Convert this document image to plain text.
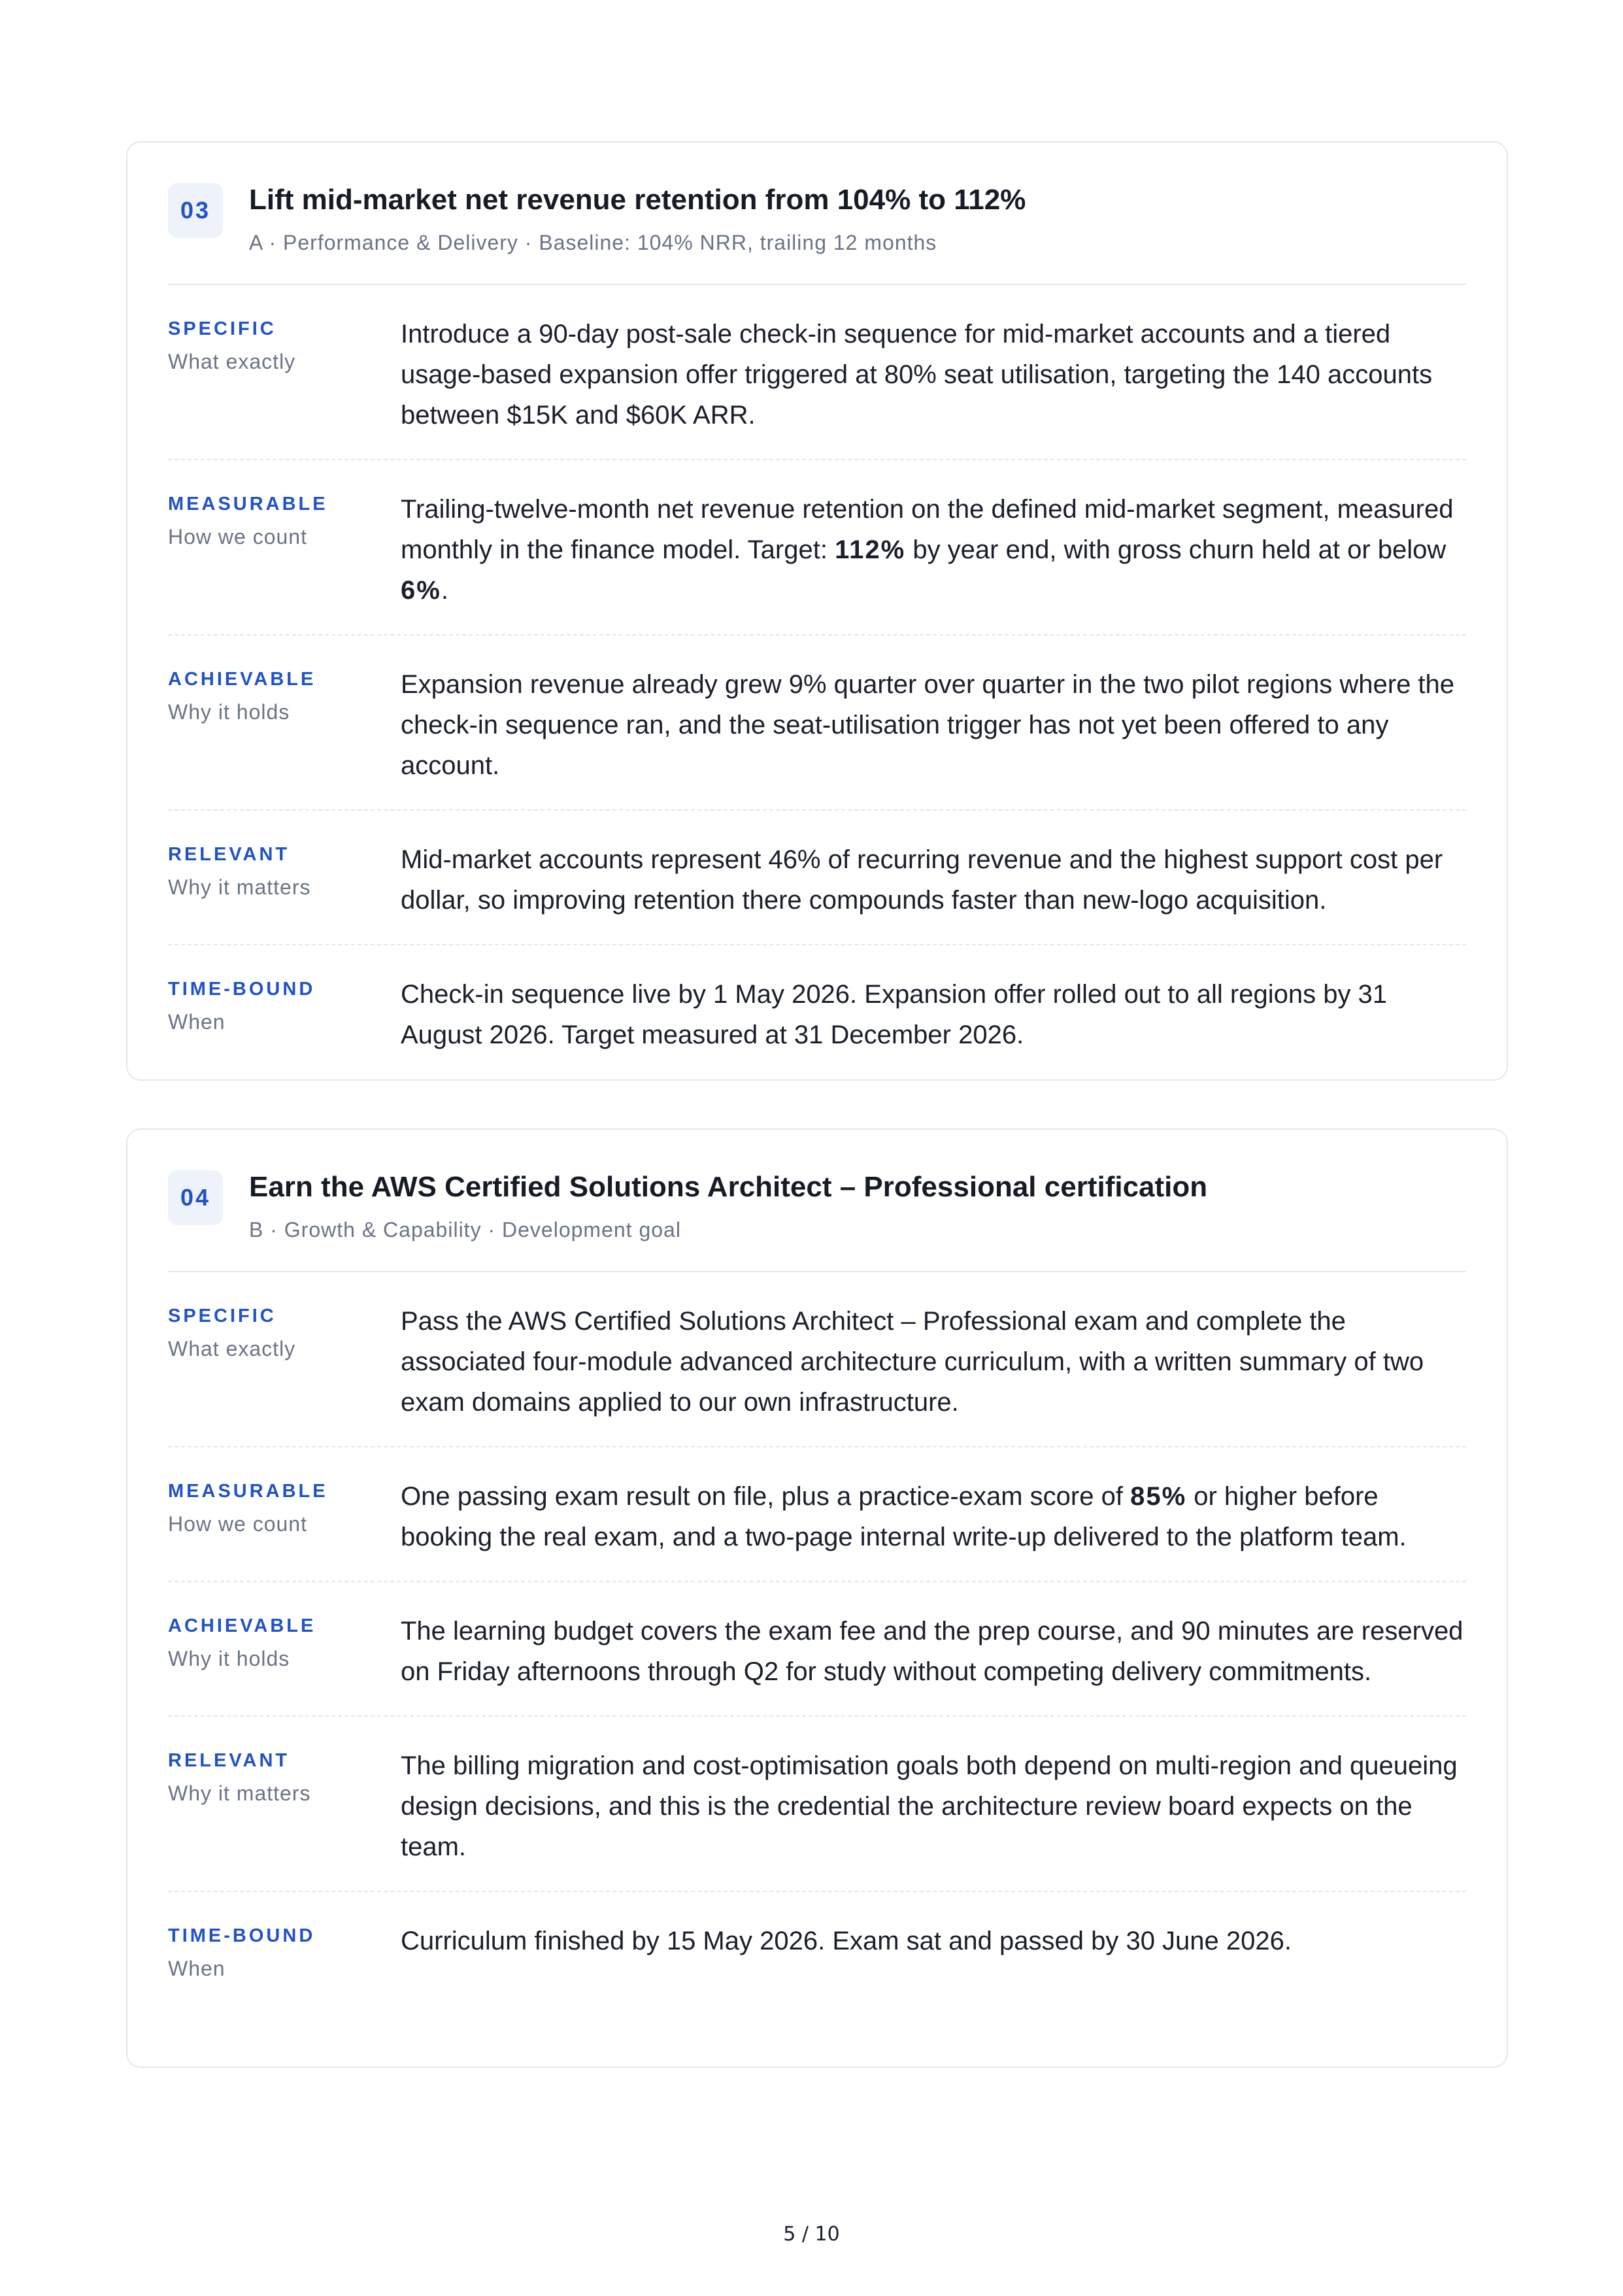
03	Lift mid-market net revenue retention from 104% to 112%
A · Performance & Delivery · Baseline: 104% NRR, trailing 12 months
SPECIFIC
What exactly
Introduce a 90-day post-sale check-in sequence for mid-market accounts and a tiered usage-based expansion offer triggered at 80% seat utilisation, targeting the 140 accounts between $15K and $60K ARR.
MEASURABLE
How we count
Trailing-twelve-month net revenue retention on the defined mid-market segment, measured monthly in the finance model. Target: 112% by year end, with gross churn held at or below 6%.
ACHIEVABLE
Why it holds
Expansion revenue already grew 9% quarter over quarter in the two pilot regions where the check-in sequence ran, and the seat-utilisation trigger has not yet been offered to any account.
RELEVANT
Why it matters
Mid-market accounts represent 46% of recurring revenue and the highest support cost per dollar, so improving retention there compounds faster than new-logo acquisition.
TIME-BOUND
When
Check-in sequence live by 1 May 2026. Expansion offer rolled out to all regions by 31 August 2026. Target measured at 31 December 2026.
04	Earn the AWS Certified Solutions Architect – Professional certification
B · Growth & Capability · Development goal
SPECIFIC
What exactly
Pass the AWS Certified Solutions Architect – Professional exam and complete the associated four-module advanced architecture curriculum, with a written summary of two exam domains applied to our own infrastructure.
MEASURABLE
How we count
One passing exam result on file, plus a practice-exam score of 85% or higher before booking the real exam, and a two-page internal write-up delivered to the platform team.
ACHIEVABLE
Why it holds
The learning budget covers the exam fee and the prep course, and 90 minutes are reserved on Friday afternoons through Q2 for study without competing delivery commitments.
RELEVANT
Why it matters
The billing migration and cost-optimisation goals both depend on multi-region and queueing design decisions, and this is the credential the architecture review board expects on the team.
TIME-BOUND
When
Curriculum finished by 15 May 2026. Exam sat and passed by 30 June 2026.
5 / 10
